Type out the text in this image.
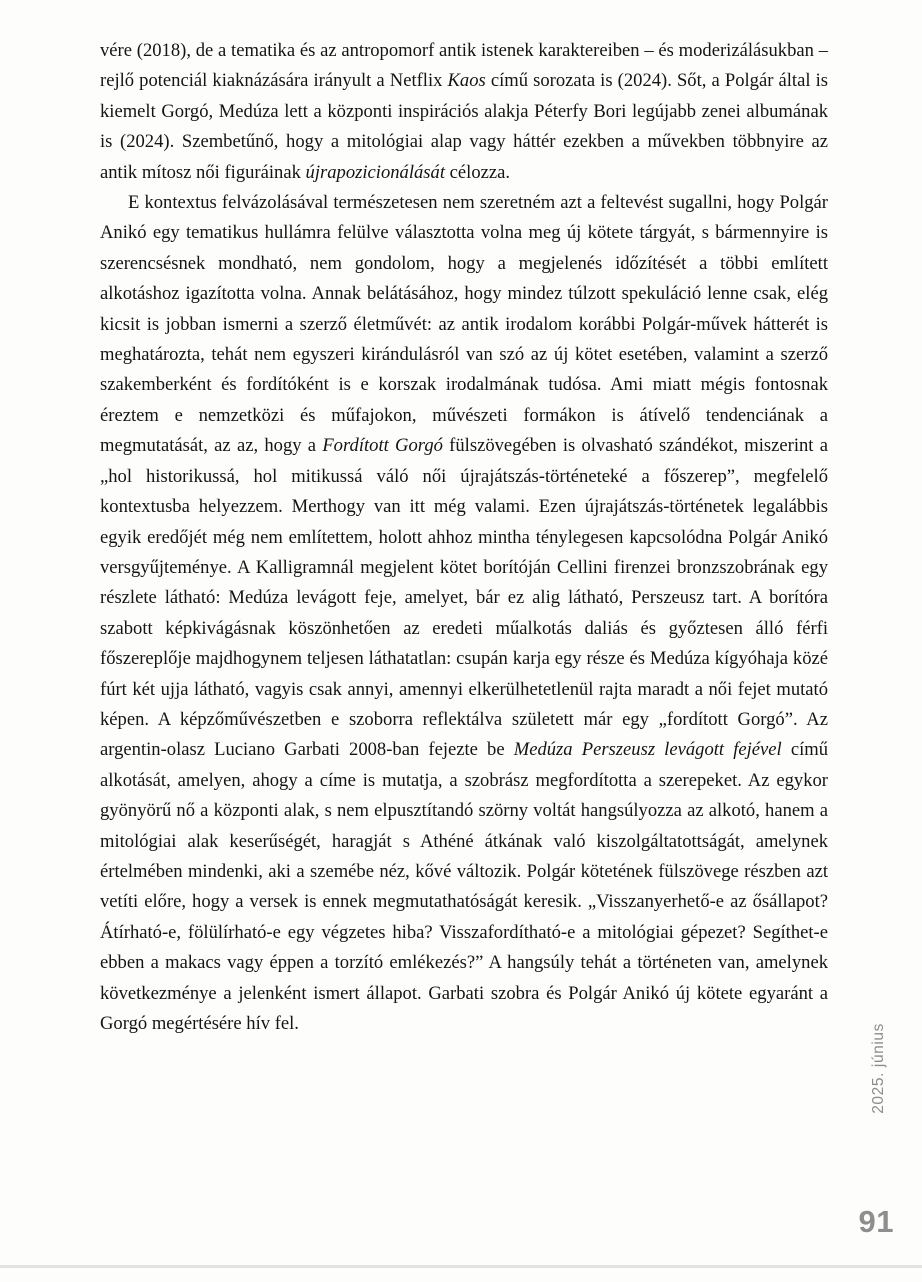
vére (2018), de a tematika és az antropomorf antik istenek karaktereiben – és moderizálásukban – rejlő potenciál kiaknázására irányult a Netflix Kaos című sorozata is (2024). Sőt, a Polgár által is kiemelt Gorgó, Medúza lett a központi inspirációs alakja Péterfy Bori legújabb zenei albumának is (2024). Szembetűnő, hogy a mitológiai alap vagy háttér ezekben a művekben többnyire az antik mítosz női figuráinak újrapozicionálását célozza.

E kontextus felvázolásával természetesen nem szeretném azt a feltevést sugallni, hogy Polgár Anikó egy tematikus hullámra felülve választotta volna meg új kötete tárgyát, s bármennyire is szerencsésnek mondható, nem gondolom, hogy a megjelenés időzítését a többi említett alkotáshoz igazította volna. Annak belátásához, hogy mindez túlzott spekuláció lenne csak, elég kicsit is jobban ismerni a szerző életművét: az antik irodalom korábbi Polgár-művek hátterét is meghatározta, tehát nem egyszeri kirándulásról van szó az új kötet esetében, valamint a szerző szakemberként és fordítóként is e korszak irodalmának tudósa. Ami miatt mégis fontosnak éreztem e nemzetközi és műfajokon, művészeti formákon is átívelő tendenciának a megmutatását, az az, hogy a Fordított Gorgó fülszövegében is olvasható szándékot, miszerint a „hol historikussá, hol mitikussá váló női újrajátszás-történeteké a főszerep”, megfelelő kontextusba helyezzem. Merthogy van itt még valami. Ezen újrajátszás-történetek legalábbis egyik eredőjét még nem említettem, holott ahhoz mintha ténylegesen kapcsolódna Polgár Anikó versgyűjteménye. A Kalligramnál megjelent kötet borítóján Cellini firenzei bronzszobrának egy részlete látható: Medúza levágott feje, amelyet, bár ez alig látható, Perszeusz tart. A borítóra szabott képkivágásnak köszönhetően az eredeti műalkotás daliás és győztesen álló férfi főszereplője majdhogynem teljesen láthatatlan: csupán karja egy része és Medúza kígyóhaja közé fúrt két ujja látható, vagyis csak annyi, amennyi elkerülhetetlenül rajta maradt a női fejet mutató képen. A képzőművészetben e szoborra reflektálva született már egy „fordított Gorgó”. Az argentin-olasz Luciano Garbati 2008-ban fejezte be Medúza Perszeusz levágott fejével című alkotását, amelyen, ahogy a címe is mutatja, a szobrász megfordította a szerepeket. Az egykor gyönyörű nő a központi alak, s nem elpusztítandó szörny voltát hangsúlyozza az alkotó, hanem a mitológiai alak keserűségét, haragját s Athéné átkának való kiszolgáltatottságát, amelynek értelmében mindenki, aki a szemébe néz, kővé változik. Polgár kötetének fülszövege részben azt vetíti előre, hogy a versek is ennek megmutathatóságát keresik. „Visszanyerhető-e az ősállapot? Átírható-e, fölülírható-e egy végzetes hiba? Visszafordítható-e a mitológiai gépezet? Segíthet-e ebben a makacs vagy éppen a torzító emlékezés?” A hangsúly tehát a történeten van, amelynek következménye a jelenként ismert állapot. Garbati szobra és Polgár Anikó új kötete egyaránt a Gorgó megértésére hív fel.	2025. június
91
